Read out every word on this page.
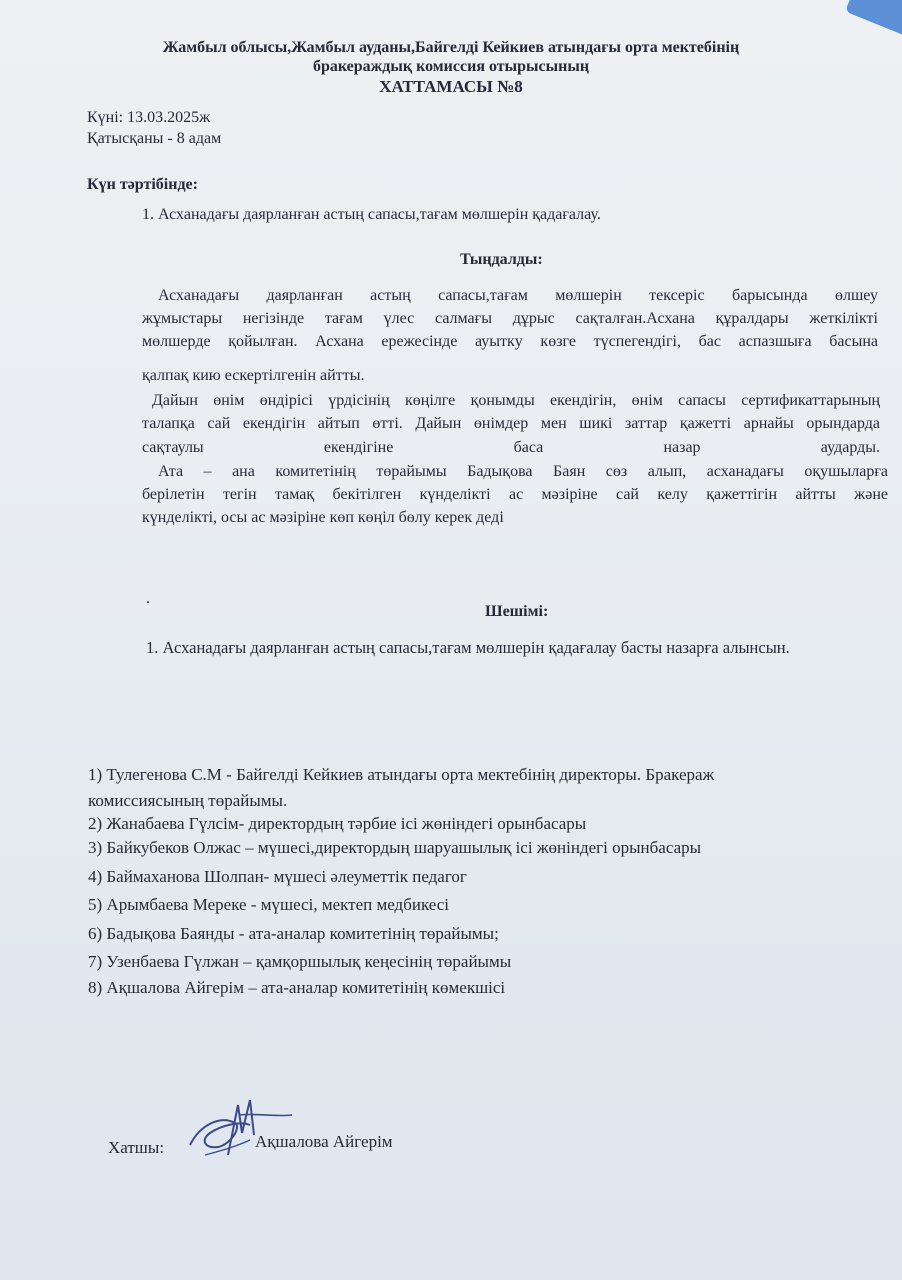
Жамбыл облысы,Жамбыл ауданы,Байгелді Кейкиев атындағы орта мектебінің
бракераждық комиссия отырысының
ХАТТАМАСЫ №8
Күні: 13.03.2025ж
Қатысқаны - 8 адам
Күн тәртібінде:
1. Асханадағы даярланған астың сапасы,тағам мөлшерін қадағалау.
Тыңдалды:
Асханадағы даярланған астың сапасы,тағам мөлшерін тексеріс барысында өлшеу
жұмыстары негізінде тағам үлес салмағы дұрыс сақталған.Асхана құралдары жеткілікті
мөлшерде қойылған. Асхана ережесінде ауыткy көзге түспегендігі, бас аспазшыға басына
қалпақ кию ескертілгенін айтты.
Дайын өнім өндірісі үрдісінің көңілге қонымды екендігін, өнім сапасы сертификаттарының
талапқа сай екендігін айтып өтті. Дайын өнімдер мен шикі заттар қажетті арнайы орындарда
сақтаулы екендігіне баса назар аударды.
Ата – ана комитетінің төрайымы Бадықова Баян сөз алып, асханадағы оқушыларға
берілетін тегін тамақ бекітілген күнделікті ас мәзіріне сай келу қажеттігін айтты және
күнделікті, осы ас мәзіріне көп көңіл бөлу керек деді
.
Шешімі:
1. Асханадағы даярланған астың сапасы,тағам мөлшерін қадағалау басты назарға алынсын.
1) Тулегенова С.М - Байгелді Кейкиев атындағы орта мектебінің директоры. Бракераж
комиссиясының төрайымы.
2) Жанабаева Гүлсім- директордың тәрбие ісі жөніндегі орынбасары
3) Байкубеков Олжас – мүшесі,директордың шаруашылық ісі жөніндегі орынбасары
4) Баймаханова Шолпан- мүшесі әлеуметтік педагог
5) Арымбаева Мереке - мүшесі, мектеп медбикесі
6) Бадықова Баянды - ата-аналар комитетінің төрайымы;
7) Узенбаева Гүлжан – қамқоршылық кеңесінің төрайымы
8) Ақшалова Айгерім – ата-аналар комитетінің көмекшісі
Хатшы:	Ақшалова Айгерім
